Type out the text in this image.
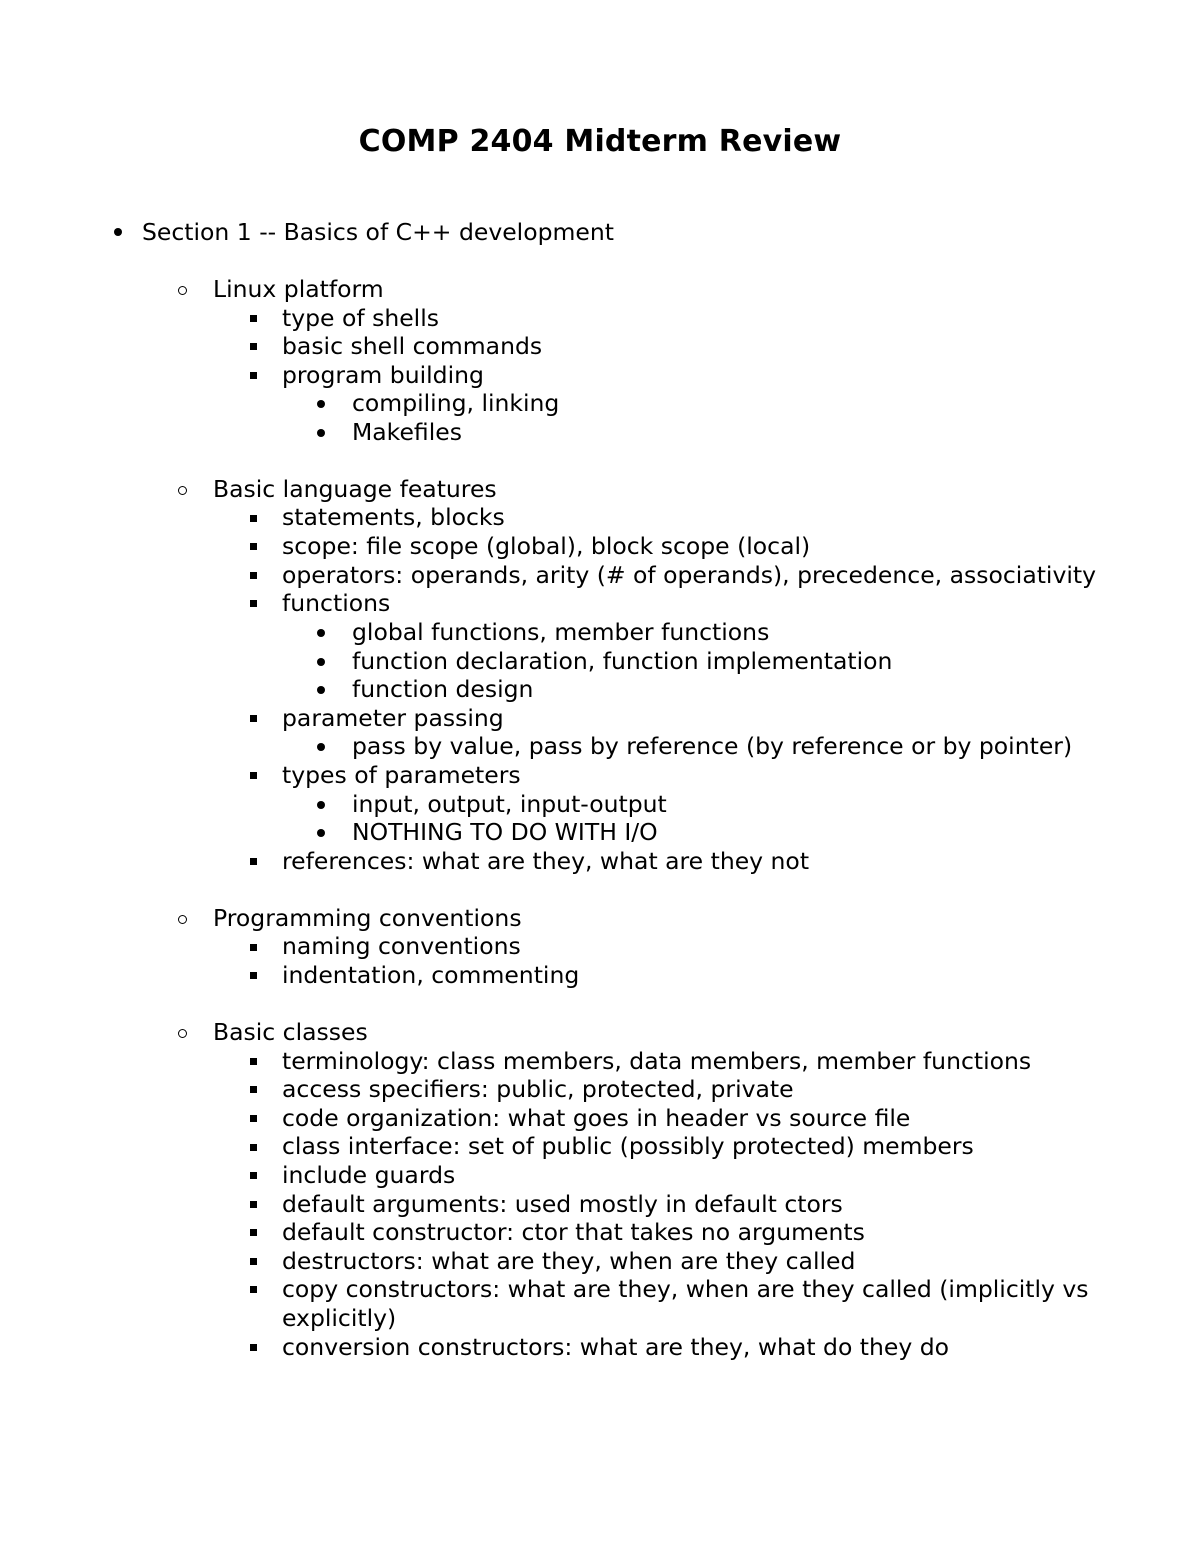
COMP 2404 Midterm Review
Section 1 -- Basics of C++ development
Linux platform
type of shells
basic shell commands
program building
compiling, linking
Makefiles
Basic language features
statements, blocks
scope: file scope (global), block scope (local)
operators: operands, arity (# of operands), precedence, associativity
functions
global functions, member functions
function declaration, function implementation
function design
parameter passing
pass by value, pass by reference (by reference or by pointer)
types of parameters
input, output, input-output
NOTHING TO DO WITH I/O
references: what are they, what are they not
Programming conventions
naming conventions
indentation, commenting
Basic classes
terminology: class members, data members, member functions
access specifiers: public, protected, private
code organization: what goes in header vs source file
class interface: set of public (possibly protected) members
include guards
default arguments: used mostly in default ctors
default constructor: ctor that takes no arguments
destructors: what are they, when are they called
copy constructors: what are they, when are they called (implicitly vs
explicitly)
conversion constructors: what are they, what do they do
